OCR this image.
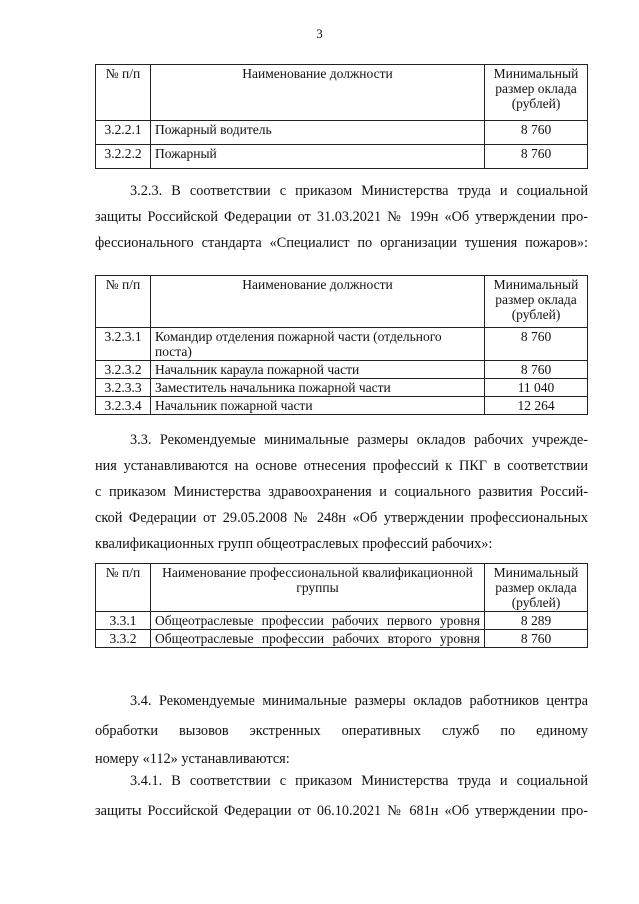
3
№ п/п	Наименование должности	Минимальный размер оклада (рублей)
3.2.2.1	Пожарный водитель	8 760
3.2.2.2	Пожарный	8 760
3.2.3. В соответствии с приказом Министерства труда и социальной
защиты Российской Федерации от 31.03.2021 № 199н «Об утверждении про-
фессионального стандарта «Специалист по организации тушения пожаров»:
№ п/п	Наименование должности	Минимальный размер оклада (рублей)
3.2.3.1	Командир отделения пожарной части (отдельного поста)	8 760
3.2.3.2	Начальник караула пожарной части	8 760
3.2.3.3	Заместитель начальника пожарной части	11 040
3.2.3.4	Начальник пожарной части	12 264
3.3. Рекомендуемые минимальные размеры окладов рабочих учрежде-
ния устанавливаются на основе отнесения профессий к ПКГ в соответствии
с приказом Министерства здравоохранения и социального развития Россий-
ской Федерации от 29.05.2008 № 248н «Об утверждении профессиональных
квалификационных групп общеотраслевых профессий рабочих»:
№ п/п	Наименование профессиональной квалификационной группы	Минимальный размер оклада (рублей)
3.3.1	Общеотраслевые профессии рабочих первого уровня	8 289
3.3.2	Общеотраслевые профессии рабочих второго уровня	8 760
3.4. Рекомендуемые минимальные размеры окладов работников центра
обработки вызовов экстренных оперативных служб по единому
номеру «112» устанавливаются:
3.4.1. В соответствии с приказом Министерства труда и социальной
защиты Российской Федерации от 06.10.2021 № 681н «Об утверждении про-
